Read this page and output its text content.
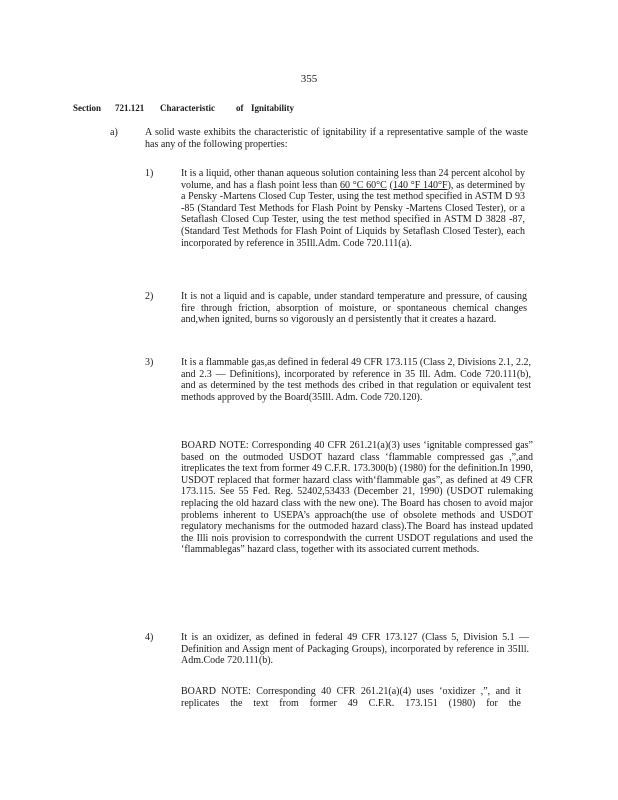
355
Section 721.121 Characteristic of Ignitability
a)	A solid waste exhibits the characteristic of ignitability if a representative sample of the waste has any of the following properties:

1)	It is a liquid, other thanan aqueous solution containing less than 24 percent alcohol by volume, and has a flash point less than 60 °C 60°C (140 °F 140°F), as determined by a Pensky -Martens Closed Cup Tester, using the test method specified in ASTM D 93 -85 (Standard Test Methods for Flash Point by Pensky -Martens Closed Tester), or a Setaflash Closed Cup Tester, using the test method specified in ASTM D 3828 -87, (Standard Test Methods for Flash Point of Liquids by Setaflash Closed Tester), each incorporated by reference in 35Ill.Adm. Code 720.111(a).

2)	It is not a liquid and is capable, under standard temperature and pressure, of causing fire through friction, absorption of moisture, or spontaneous chemical changes and,when ignited, burns so vigorously an d persistently that it creates a hazard.

3)	It is a flammable gas,as defined in federal 49 CFR 173.115 (Class 2, Divisions 2.1, 2.2, and 2.3 — Definitions), incorporated by reference in 35 Ill. Adm. Code 720.111(b), and as determined by the test methods des cribed in that regulation or equivalent test methods approved by the Board(35Ill. Adm. Code 720.120).

BOARD NOTE: Corresponding 40 CFR 261.21(a)(3) uses ‘ignitable compressed gas” based on the outmoded USDOT hazard class ‘flammable compressed gas ,”,and itreplicates the text from former 49 C.F.R. 173.300(b) (1980) for the definition.In 1990, USDOT replaced that former hazard class with‘flammable gas”, as defined at 49 CFR 173.115. See 55 Fed. Reg. 52402,53433 (December 21, 1990) (USDOT rulemaking replacing the old hazard class with the new one). The Board has chosen to avoid major problems inherent to USEPA’s approach(the use of obsolete methods and USDOT regulatory mechanisms for the outmoded hazard class).The Board has instead updated the Illi nois provision to correspondwith the current USDOT regulations and used the ‘flammablegas” hazard class, together with its associated current methods.

4)	It is an oxidizer, as defined in federal 49 CFR 173.127 (Class 5, Division 5.1 — Definition and Assign ment of Packaging Groups), incorporated by reference in 35Ill. Adm.Code 720.111(b).

BOARD NOTE: Corresponding 40 CFR 261.21(a)(4) uses ‘oxidizer ,”, and it replicates the text from former 49 C.F.R. 173.151 (1980) for the
